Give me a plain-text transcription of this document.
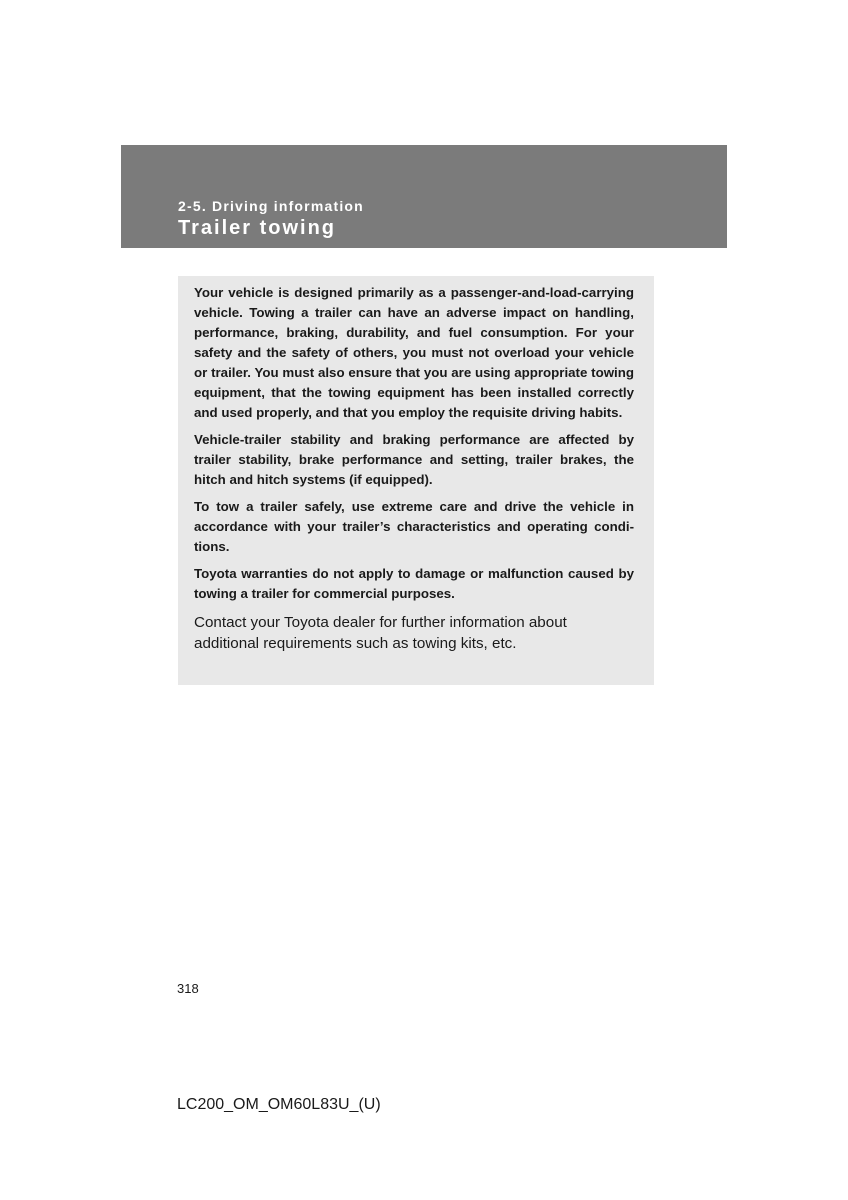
2-5. Driving information
Trailer towing

Your vehicle is designed primarily as a passenger-and-load-carrying vehicle. Towing a trailer can have an adverse impact on handling, performance, braking, durability, and fuel consumption. For your safety and the safety of others, you must not overload your vehicle or trailer. You must also ensure that you are using appropriate towing equipment, that the towing equipment has been installed correctly and used properly, and that you employ the requisite driving habits.

Vehicle-trailer stability and braking performance are affected by trailer stability, brake performance and setting, trailer brakes, the hitch and hitch systems (if equipped).

To tow a trailer safely, use extreme care and drive the vehicle in accordance with your trailer’s characteristics and operating conditions.

Toyota warranties do not apply to damage or malfunction caused by towing a trailer for commercial purposes.

Contact your Toyota dealer for further information about additional requirements such as towing kits, etc.

318
LC200_OM_OM60L83U_(U)
